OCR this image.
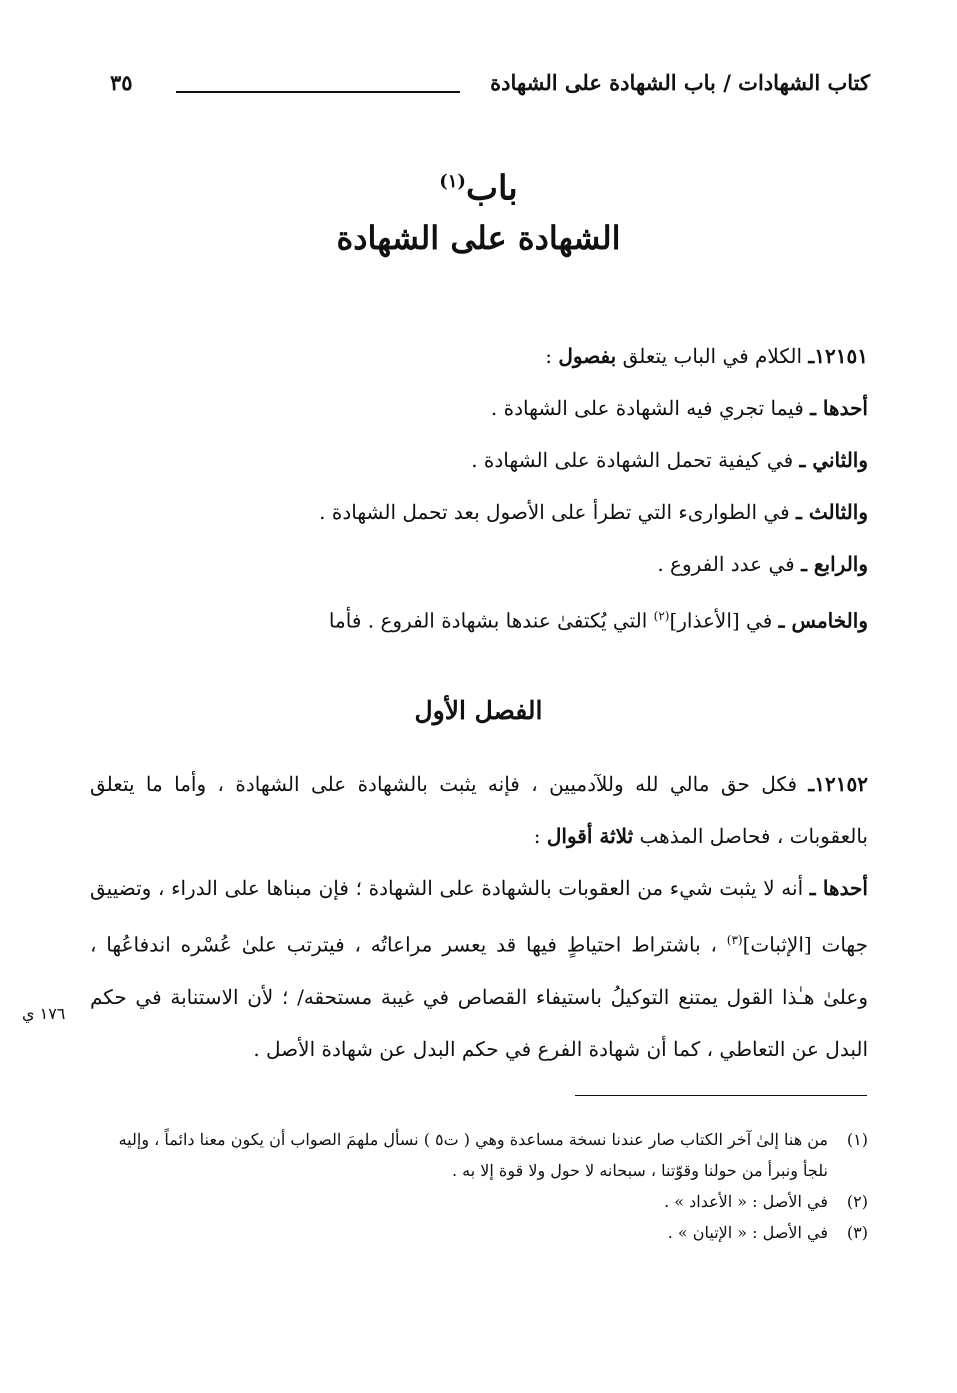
كتاب الشهادات / باب الشهادة على الشهادة
٣٥
باب$^{(١)}$
الشهادة على الشهادة

١٢١٥١ـ الكلام في الباب يتعلق بفصول :

أحدها ـ فيما تجري فيه الشهادة على الشهادة .

والثاني ـ في كيفية تحمل الشهادة على الشهادة .

والثالث ـ في الطوارىء التي تطرأ على الأصول بعد تحمل الشهادة .

والرابع ـ في عدد الفروع .

والخامس ـ في [الأعذار]$^{(٢)}$ التي يُكتفىٰ عندها بشهادة الفروع . فأما

الفصل الأول

١٢١٥٢ـ فكل حق مالي لله وللآدميين ، فإنه يثبت بالشهادة على الشهادة ، وأما ما يتعلق بالعقوبات ، فحاصل المذهب ثلاثة أقوال :

أحدها ـ أنه لا يثبت شيء من العقوبات بالشهادة على الشهادة ؛ فإن مبناها على الدراء ، وتضييق جهات [الإثبات]$^{(٣)}$ ، باشتراط احتياطٍ فيها قد يعسر مراعاتُه ، فيترتب علىٰ عُسْره اندفاعُها ، وعلىٰ هـٰذا القول يمتنع التوكيلُ باستيفاء القصاص في غيبة مستحقه/ ؛ لأن الاستنابة في حكم البدل عن التعاطي ، كما أن شهادة الفرع في حكم البدل عن شهادة الأصل .

١٧٦ ي
(١)
من هنا إلىٰ آخر الكتاب صار عندنا نسخة مساعدة وهي ( ت٥ ) نسأل ملهمَ الصواب أن يكون معنا دائماً ، وإليه نلجأ ونبرأ من حولنا وقوّتنا ، سبحانه لا حول ولا قوة إلا به .
(٢)
في الأصل : « الأعداد » .
(٣)
في الأصل : « الإتيان » .
